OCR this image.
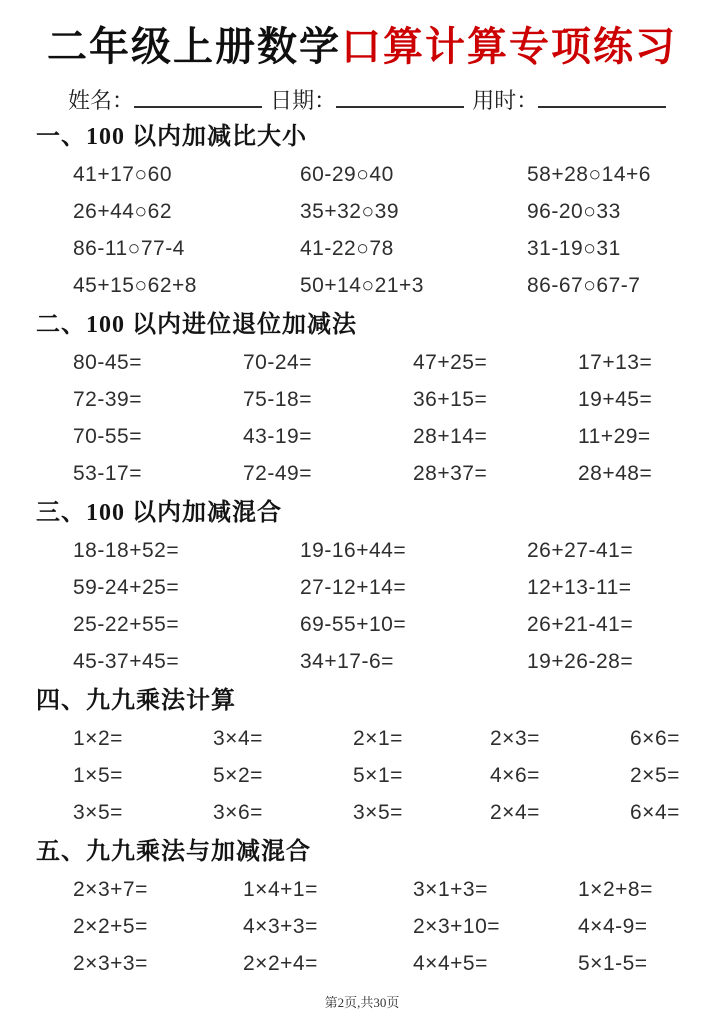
二年级上册数学口算计算专项练习
姓名：	日期：	用时：
一、100 以内加减比大小
41+17○60	60-29○40	58+28○14+6
26+44○62	35+32○39	96-20○33
86-11○77-4	41-22○78	31-19○31
45+15○62+8	50+14○21+3	86-67○67-7
二、100 以内进位退位加减法
80-45=	70-24=	47+25=	17+13=
72-39=	75-18=	36+15=	19+45=
70-55=	43-19=	28+14=	11+29=
53-17=	72-49=	28+37=	28+48=
三、100 以内加减混合
18-18+52=	19-16+44=	26+27-41=
59-24+25=	27-12+14=	12+13-11=
25-22+55=	69-55+10=	26+21-41=
45-37+45=	34+17-6=	19+26-28=
四、九九乘法计算
1×2=	3×4=	2×1=	2×3=	6×6=
1×5=	5×2=	5×1=	4×6=	2×5=
3×5=	3×6=	3×5=	2×4=	6×4=
五、九九乘法与加减混合
2×3+7=	1×4+1=	3×1+3=	1×2+8=
2×2+5=	4×3+3=	2×3+10=	4×4-9=
2×3+3=	2×2+4=	4×4+5=	5×1-5=
第2页,共30页
